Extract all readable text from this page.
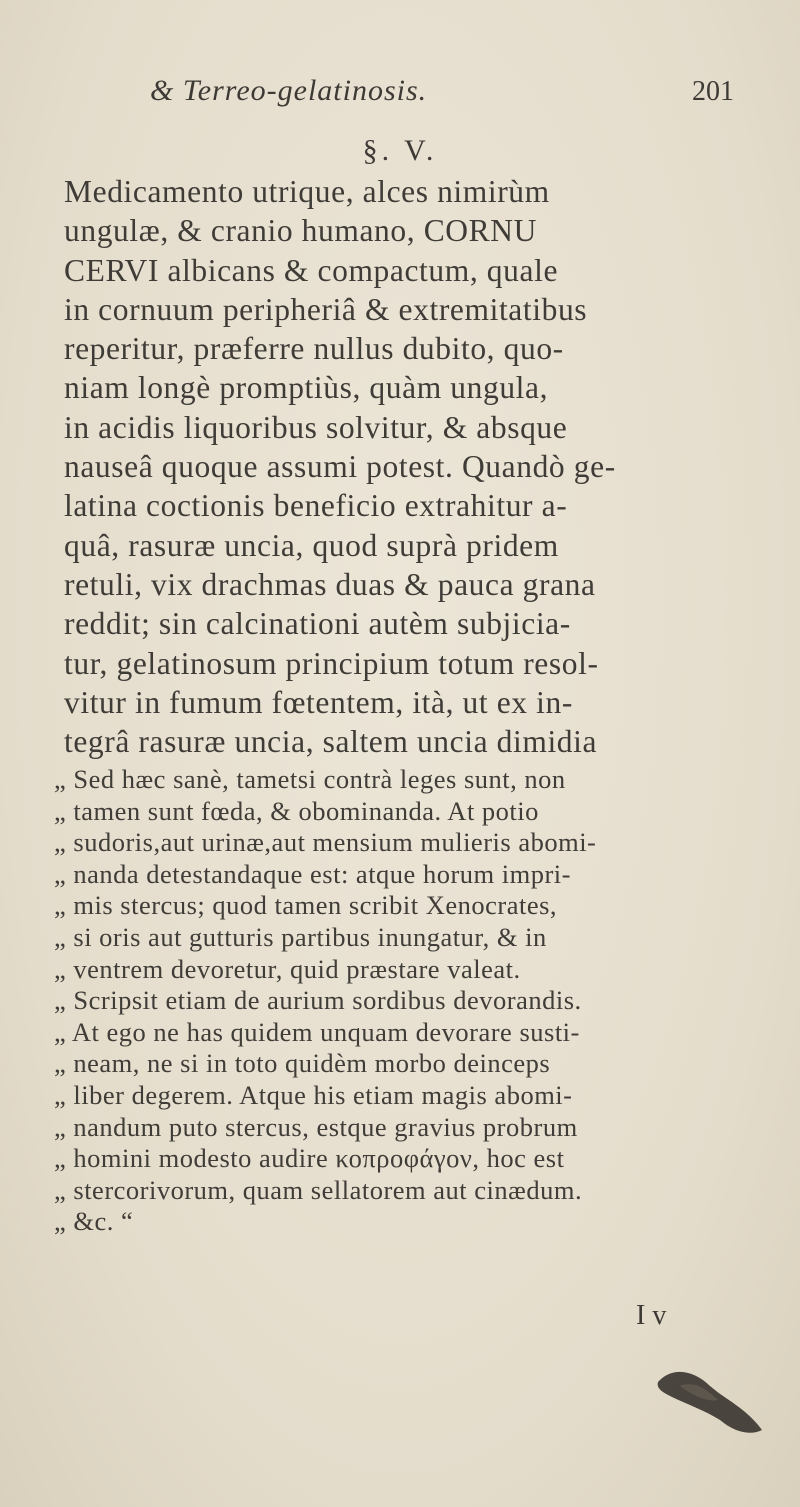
& Terreo-gelatinosis.	201
§. V.
Medicamento utrique, alces nimirùm
ungulæ, & cranio humano, CORNU
CERVI albicans & compactum, quale
in cornuum peripheriâ & extremitatibus
reperitur, præferre nullus dubito, quo-
niam longè promptiùs, quàm ungula,
in acidis liquoribus solvitur, & absque
nauseâ quoque assumi potest. Quandò ge-
latina coctionis beneficio extrahitur a-
quâ, rasuræ uncia, quod suprà pridem
retuli, vix drachmas duas & pauca grana
reddit; sin calcinationi autèm subjicia-
tur, gelatinosum principium totum resol-
vitur in fumum fœtentem, ità, ut ex in-
tegrâ rasuræ uncia, saltem uncia dimidia
„ Sed hæc sanè, tametsi contrà leges sunt, non
„ tamen sunt fœda, & obominanda. At potio
„ sudoris,aut urinæ,aut mensium mulieris abomi-
„ nanda detestandaque est: atque horum impri-
„ mis stercus; quod tamen scribit Xenocrates,
„ si oris aut gutturis partibus inungatur, & in
„ ventrem devoretur, quid præstare valeat.
„ Scripsit etiam de aurium sordibus devorandis.
„ At ego ne has quidem unquam devorare susti-
„ neam, ne si in toto quidèm morbo deinceps
„ liber degerem. Atque his etiam magis abomi-
„ nandum puto stercus, estque gravius probrum
„ homini modesto audire κοπροφάγον, hoc est
„ stercorivorum, quam sellatorem aut cinædum.
„ &c. “
I v
